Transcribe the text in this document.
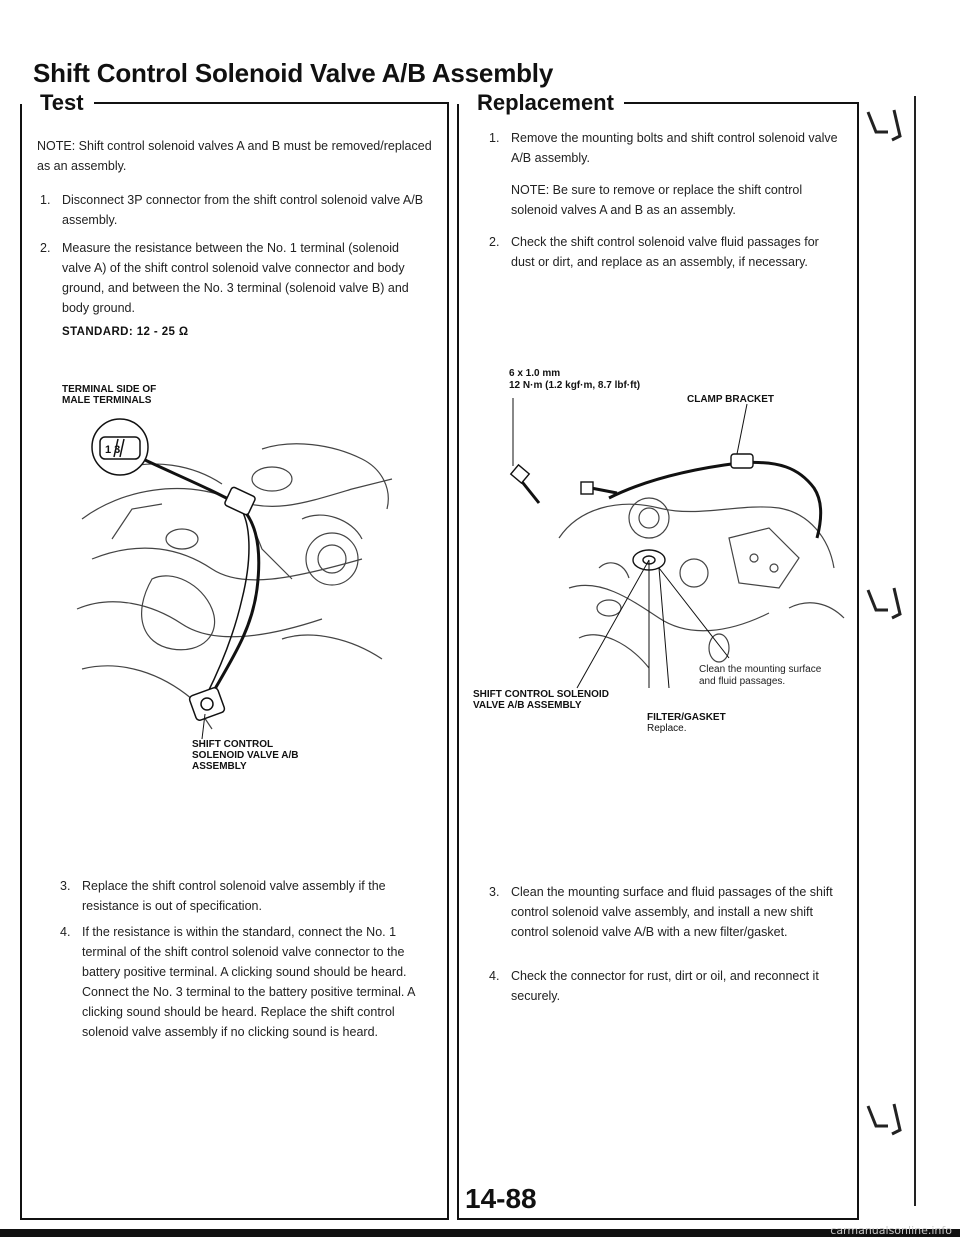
Shift Control Solenoid Valve A/B Assembly
Test

NOTE: Shift control solenoid valves A and B must be removed/replaced as an assembly.

1. Disconnect 3P connector from the shift control solenoid valve A/B assembly.
2. Measure the resistance between the No. 1 terminal (solenoid valve A) of the shift control solenoid valve connector and body ground, and between the No. 3 terminal (solenoid valve B) and body ground.
STANDARD: 12 - 25 Ω
TERMINAL SIDE OF
MALE TERMINALS
1 3
SHIFT CONTROL
SOLENOID VALVE A/B
ASSEMBLY
3. Replace the shift control solenoid valve assembly if the resistance is out of specification.
4. If the resistance is within the standard, connect the No. 1 terminal of the shift control solenoid valve connector to the battery positive terminal. A clicking sound should be heard. Connect the No. 3 terminal to the battery positive terminal. A clicking sound should be heard. Replace the shift control solenoid valve assembly if no clicking sound is heard.
Replacement
1. Remove the mounting bolts and shift control solenoid valve A/B assembly.

NOTE: Be sure to remove or replace the shift control solenoid valves A and B as an assembly.

2. Check the shift control solenoid valve fluid passages for dust or dirt, and replace as an assembly, if necessary.
6 x 1.0 mm
12 N·m (1.2 kgf·m, 8.7 lbf·ft)
CLAMP BRACKET
Clean the mounting surface
and fluid passages.
SHIFT CONTROL SOLENOID
VALVE A/B ASSEMBLY
FILTER/GASKET
Replace.
3. Clean the mounting surface and fluid passages of the shift control solenoid valve assembly, and install a new shift control solenoid valve A/B with a new filter/gasket.
4. Check the connector for rust, dirt or oil, and reconnect it securely.
14-88
carmanualsonline.info
